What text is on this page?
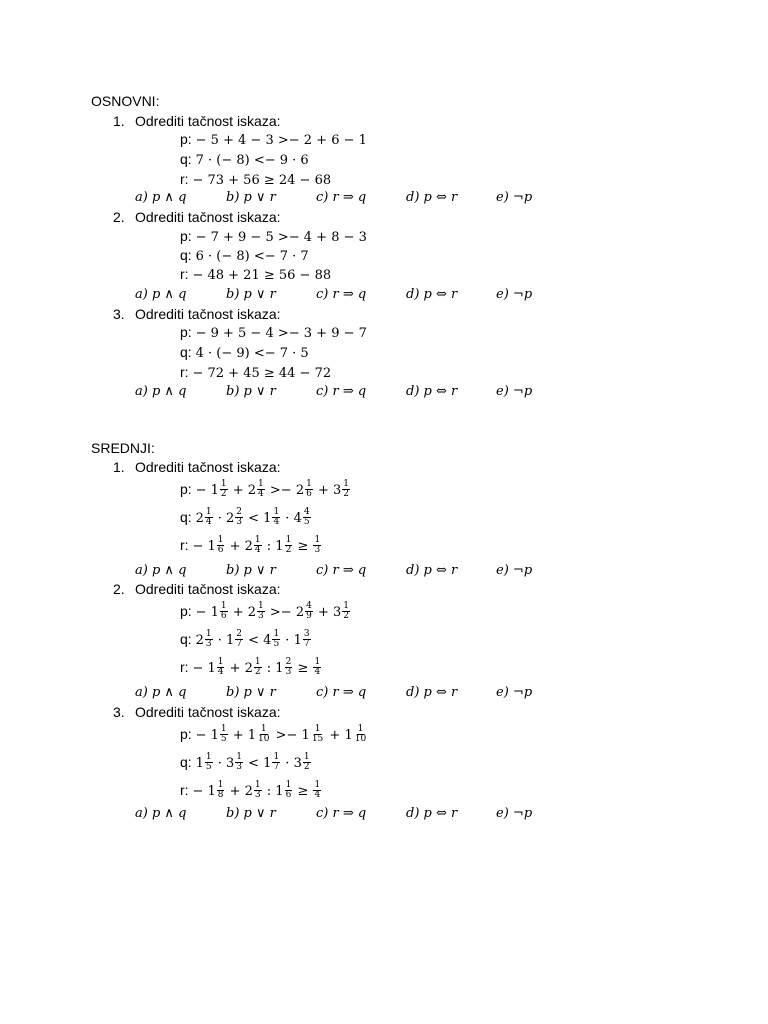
OSNOVNI:
1. Odrediti tačnost iskaza:
p: − 5 + 4 − 3 >− 2 + 6 − 1
q: 7 · (− 8) <− 9 · 6
r: − 73 + 56 ≥ 24 − 68
a) p ∧ q	b) p ∨ r	c) r ⇒ q	d) p ⇔ r	e) ¬p
2. Odrediti tačnost iskaza:
p: − 7 + 9 − 5 >− 4 + 8 − 3
q: 6 · (− 8) <− 7 · 7
r: − 48 + 21 ≥ 56 − 88
a) p ∧ q	b) p ∨ r	c) r ⇒ q	d) p ⇔ r	e) ¬p
3. Odrediti tačnost iskaza:
p: − 9 + 5 − 4 >− 3 + 9 − 7
q: 4 · (− 9) <− 7 · 5
r: − 72 + 45 ≥ 44 − 72
a) p ∧ q	b) p ∨ r	c) r ⇒ q	d) p ⇔ r	e) ¬p
SREDNJI:
1. Odrediti tačnost iskaza:
p: − $1 \frac{1}{2} + 2 \frac{1}{4} >- 2 \frac{1}{6} + 3 \frac{1}{2}$
q: $2 \frac{1}{4} \cdot 2 \frac{2}{3} < 1 \frac{1}{4} \cdot 4 \frac{4}{5}$
r: − $1 \frac{1}{6} + 2 \frac{1}{4}$ : $1 \frac{1}{2} \ge \frac{1}{3}$
a) p ∧ q	b) p ∨ r	c) r ⇒ q	d) p ⇔ r	e) ¬p
2. Odrediti tačnost iskaza:
p: − $1 \frac{1}{6} + 2 \frac{1}{3} >- 2 \frac{4}{9} + 3 \frac{1}{2}$
q: $2 \frac{1}{3} \cdot 1 \frac{2}{7} < 4 \frac{1}{5} \cdot 1 \frac{3}{7}$
r: − $1 \frac{1}{4} + 2 \frac{1}{2}$ : $1 \frac{2}{3} \ge \frac{1}{4}$
a) p ∧ q	b) p ∨ r	c) r ⇒ q	d) p ⇔ r	e) ¬p
3. Odrediti tačnost iskaza:
p: − $1 \frac{1}{5} + 1 \frac{1}{10} >- 1 \frac{1}{15} + 1 \frac{1}{10}$
q: $1 \frac{1}{5} \cdot 3 \frac{1}{3} < 1 \frac{1}{7} \cdot 3 \frac{1}{2}$
r: − $1 \frac{1}{8} + 2 \frac{1}{3}$ : $1 \frac{1}{6} \ge \frac{1}{4}$
a) p ∧ q	b) p ∨ r	c) r ⇒ q	d) p ⇔ r	e) ¬p
